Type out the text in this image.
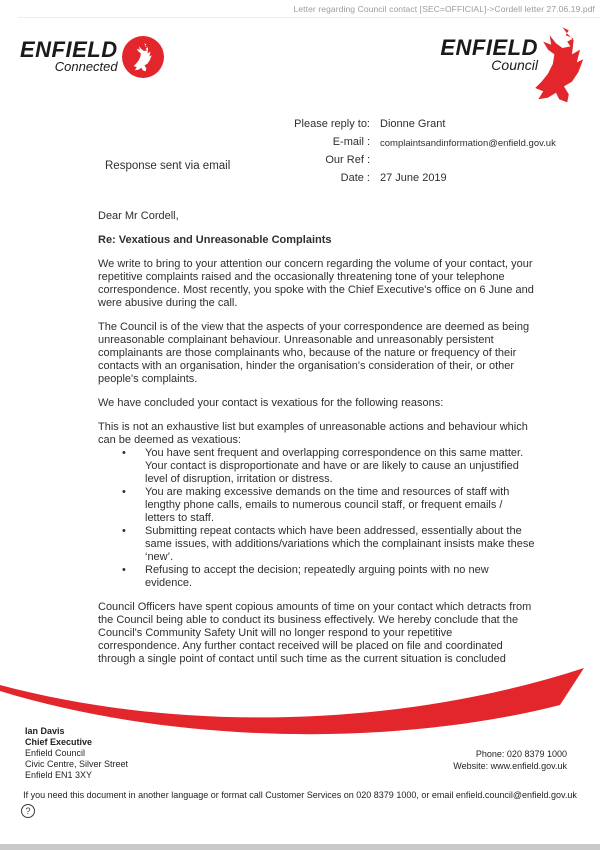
Letter regarding Council contact [SEC=OFFICIAL]->Cordell letter 27.06.19.pdf
ENFIELD
Connected
ENFIELD
Council
Response sent via email
Please reply to: Dionne Grant
E-mail : complaintsandinformation@enfield.gov.uk
Our Ref :
Date : 27 June 2019

Dear Mr Cordell,

Re: Vexatious and Unreasonable Complaints

We write to bring to your attention our concern regarding the volume of your contact, your repetitive complaints raised and the occasionally threatening tone of your telephone correspondence. Most recently, you spoke with the Chief Executive's office on 6 June and were abusive during the call.

The Council is of the view that the aspects of your correspondence are deemed as being unreasonable complainant behaviour. Unreasonable and unreasonably persistent complainants are those complainants who, because of the nature or frequency of their contacts with an organisation, hinder the organisation's consideration of their, or other people's complaints.

We have concluded your contact is vexatious for the following reasons:

This is not an exhaustive list but examples of unreasonable actions and behaviour which can be deemed as vexatious:

• You have sent frequent and overlapping correspondence on this same matter. Your contact is disproportionate and have or are likely to cause an unjustified level of disruption, irritation or distress.
• You are making excessive demands on the time and resources of staff with lengthy phone calls, emails to numerous council staff, or frequent emails / letters to staff.
• Submitting repeat contacts which have been addressed, essentially about the same issues, with additions/variations which the complainant insists make these ‘new’.
• Refusing to accept the decision; repeatedly arguing points with no new evidence.

Council Officers have spent copious amounts of time on your contact which detracts from the Council being able to conduct its business effectively. We hereby conclude that the Council's Community Safety Unit will no longer respond to your repetitive correspondence. Any further contact received will be placed on file and coordinated through a single point of contact until such time as the current situation is concluded

Ian Davis
Chief Executive
Enfield Council
Civic Centre, Silver Street
Enfield EN1 3XY
Phone: 020 8379 1000
Website: www.enfield.gov.uk
If you need this document in another language or format call Customer Services on 020 8379 1000, or email enfield.council@enfield.gov.uk
?
